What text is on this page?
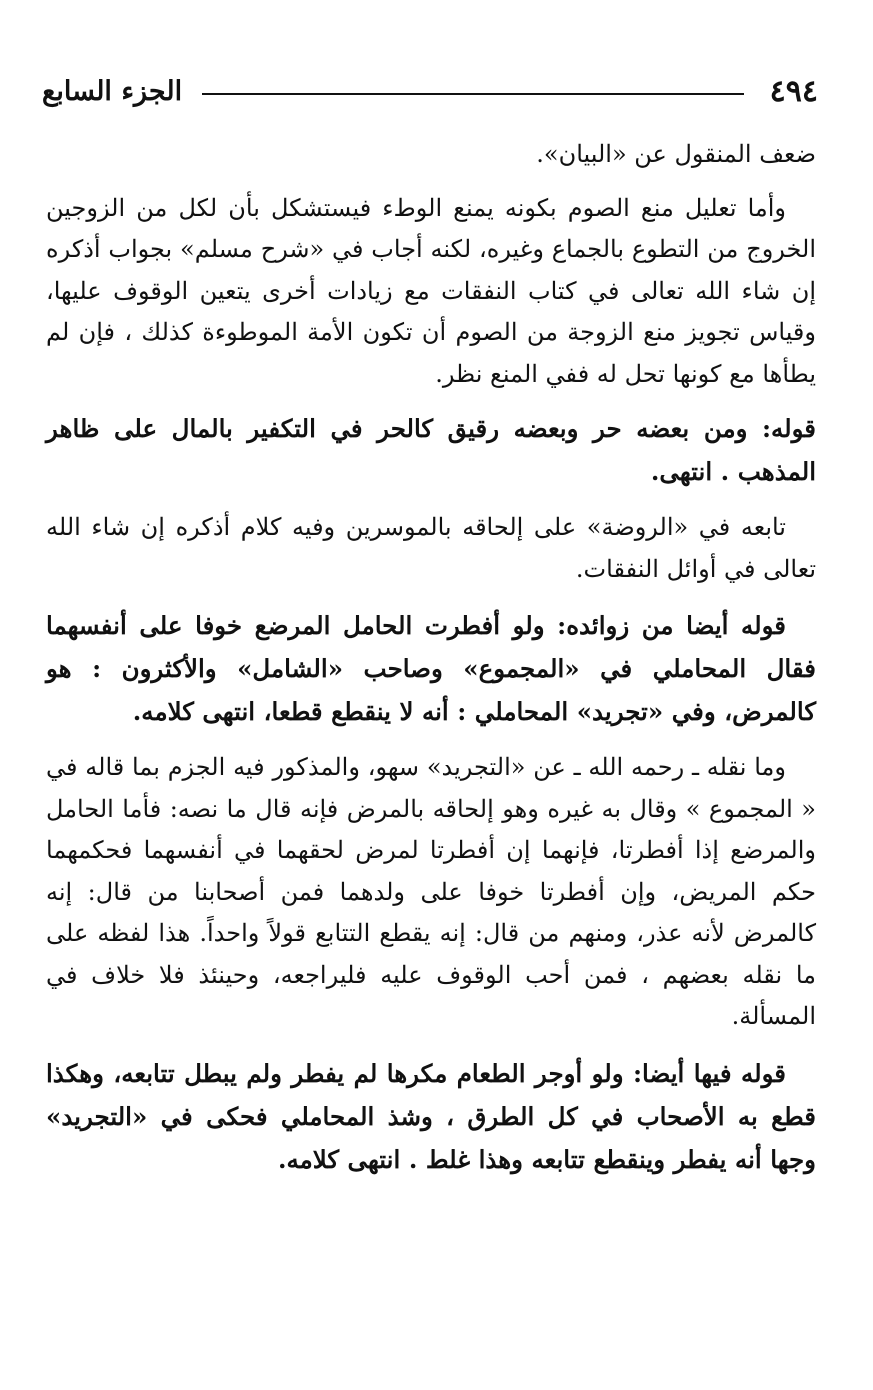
٤٩٤
الجزء السابع

ضعف المنقول عن «البيان».

وأما تعليل منع الصوم بكونه يمنع الوطء فيستشكل بأن لكل من الزوجين الخروج من التطوع بالجماع وغيره، لكنه أجاب في «شرح مسلم» بجواب أذكره إن شاء الله تعالى في كتاب النفقات مع زيادات أخرى يتعين الوقوف عليها، وقياس تجويز منع الزوجة من الصوم أن تكون الأمة الموطوءة كذلك ، فإن لم يطأها مع كونها تحل له ففي المنع نظر.

قوله: ومن بعضه حر وبعضه رقيق كالحر في التكفير بالمال على ظاهر المذهب . انتهى.

تابعه في «الروضة» على إلحاقه بالموسرين وفيه كلام أذكره إن شاء الله تعالى في أوائل النفقات.

قوله أيضا من زوائده: ولو أفطرت الحامل المرضع خوفا على أنفسهما فقال المحاملي في «المجموع» وصاحب «الشامل» والأكثرون : هو كالمرض، وفي «تجريد» المحاملي : أنه لا ينقطع قطعا، انتهى كلامه.

وما نقله ـ رحمه الله ـ عن «التجريد» سهو، والمذكور فيه الجزم بما قاله في « المجموع » وقال به غيره وهو إلحاقه بالمرض فإنه قال ما نصه: فأما الحامل والمرضع إذا أفطرتا، فإنهما إن أفطرتا لمرض لحقهما في أنفسهما فحكمهما حكم المريض، وإن أفطرتا خوفا على ولدهما فمن أصحابنا من قال: إنه كالمرض لأنه عذر، ومنهم من قال: إنه يقطع التتابع قولاً واحداً. هذا لفظه على ما نقله بعضهم ، فمن أحب الوقوف عليه فليراجعه، وحينئذ فلا خلاف في المسألة.

قوله فيها أيضا: ولو أوجر الطعام مكرها لم يفطر ولم يبطل تتابعه، وهكذا قطع به الأصحاب في كل الطرق ، وشذ المحاملي فحكى في «التجريد» وجها أنه يفطر وينقطع تتابعه وهذا غلط . انتهى كلامه.
